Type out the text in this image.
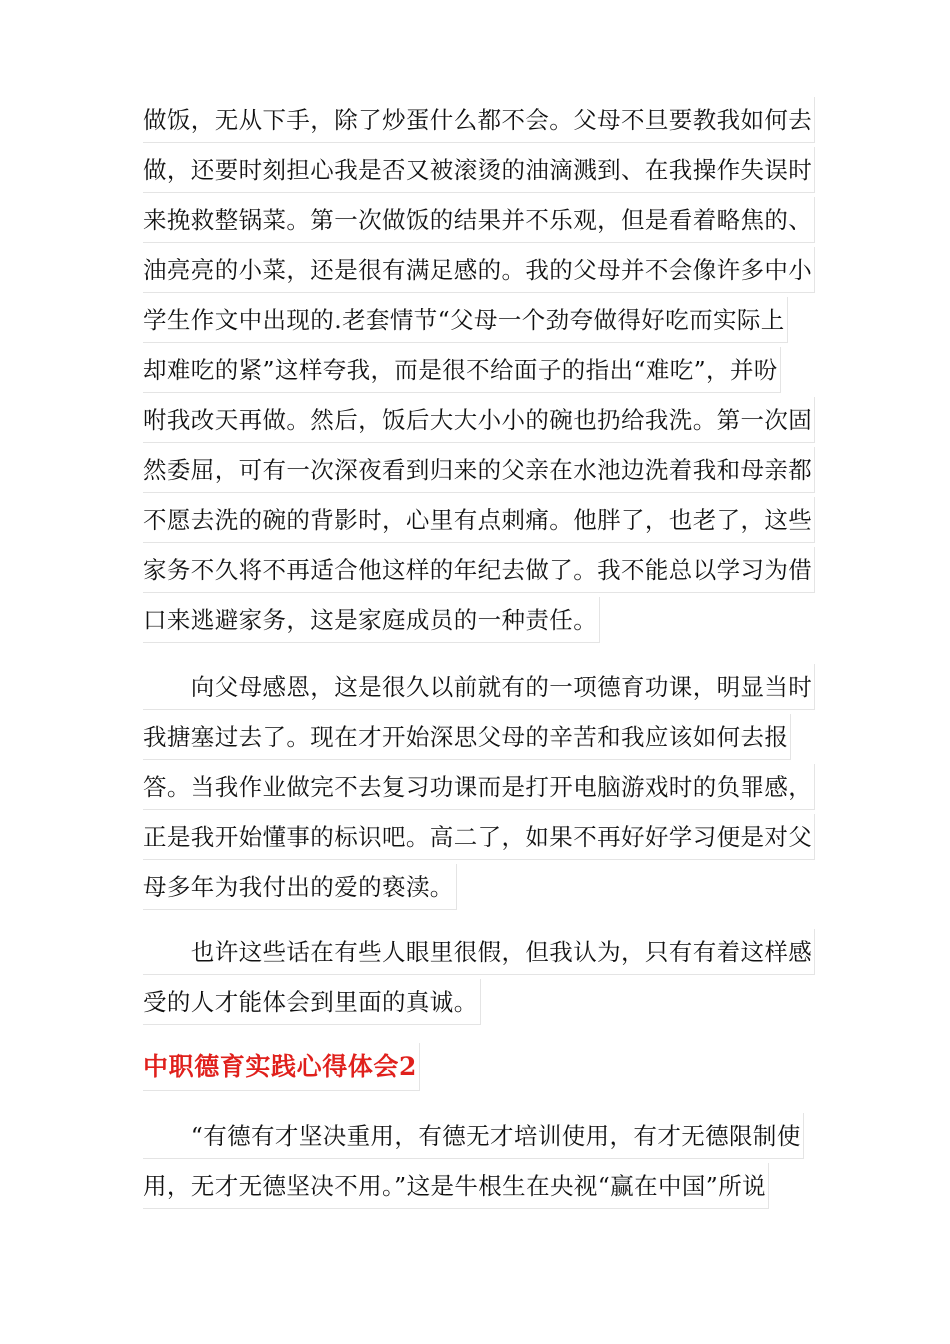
做饭，无从下手，除了炒蛋什么都不会。父母不旦要教我如何去
做，还要时刻担心我是否又被滚烫的油滴溅到、在我操作失误时
来挽救整锅菜。第一次做饭的结果并不乐观，但是看着略焦的、
油亮亮的小菜，还是很有满足感的。我的父母并不会像许多中小
学生作文中出现的.老套情节“父母一个劲夸做得好吃而实际上
却难吃的紧”这样夸我，而是很不给面子的指出“难吃”，并吩
咐我改天再做。然后，饭后大大小小的碗也扔给我洗。第一次固
然委屈，可有一次深夜看到归来的父亲在水池边洗着我和母亲都
不愿去洗的碗的背影时，心里有点刺痛。他胖了，也老了，这些
家务不久将不再适合他这样的年纪去做了。我不能总以学习为借
口来逃避家务，这是家庭成员的一种责任。
　　向父母感恩，这是很久以前就有的一项德育功课，明显当时
我搪塞过去了。现在才开始深思父母的辛苦和我应该如何去报
答。当我作业做完不去复习功课而是打开电脑游戏时的负罪感，
正是我开始懂事的标识吧。高二了，如果不再好好学习便是对父
母多年为我付出的爱的亵渎。
　　也许这些话在有些人眼里很假，但我认为，只有有着这样感
受的人才能体会到里面的真诚。
中职德育实践心得体会2
　　“有德有才坚决重用，有德无才培训使用，有才无德限制使
用，无才无德坚决不用。”这是牛根生在央视“赢在中国”所说
